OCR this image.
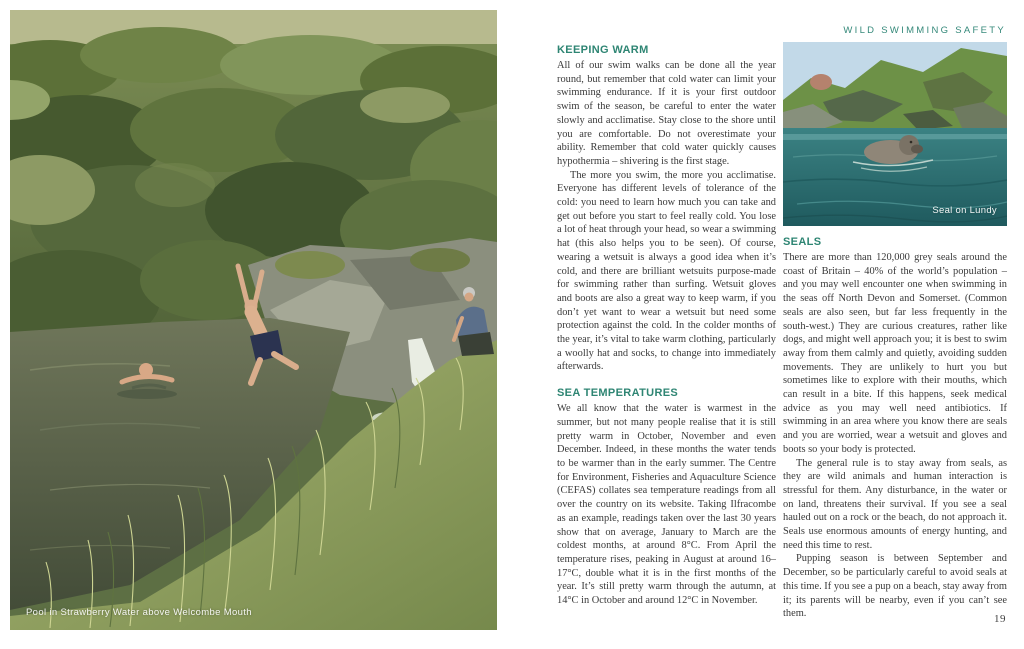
Pool in Strawberry Water above Welcombe Mouth
WILD SWIMMING SAFETY
KEEPING WARM

All of our swim walks can be done all the year round, but remember that cold water can limit your swimming endurance. If it is your first outdoor swim of the season, be careful to enter the water slowly and acclimatise. Stay close to the shore until you are comfortable. Do not overestimate your ability. Remember that cold water quickly causes hypothermia – shivering is the first stage.

The more you swim, the more you acclimatise. Everyone has different levels of tolerance of the cold: you need to learn how much you can take and get out before you start to feel really cold. You lose a lot of heat through your head, so wear a swimming hat (this also helps you to be seen). Of course, wearing a wetsuit is always a good idea when it’s cold, and there are brilliant wetsuits purpose-made for swimming rather than surfing. Wetsuit gloves and boots are also a great way to keep warm, if you don’t yet want to wear a wetsuit but need some protection against the cold. In the colder months of the year, it’s vital to take warm clothing, particularly a woolly hat and socks, to change into immediately afterwards.

SEA TEMPERATURES

We all know that the water is warmest in the summer, but not many people realise that it is still pretty warm in October, November and even December. Indeed, in these months the water tends to be warmer than in the early summer. The Centre for Environment, Fisheries and Aquaculture Science (CEFAS) collates sea temperature readings from all over the country on its website. Taking Ilfracombe as an example, readings taken over the last 30 years show that on average, January to March are the coldest months, at around 8°C. From April the temperature rises, peaking in August at around 16–17°C, double what it is in the first months of the year. It’s still pretty warm through the autumn, at 14°C in October and around 12°C in November.

Seal on Lundy
SEALS

There are more than 120,000 grey seals around the coast of Britain – 40% of the world’s population – and you may well encounter one when swimming in the seas off North Devon and Somerset. (Common seals are also seen, but far less frequently in the south-west.) They are curious creatures, rather like dogs, and might well approach you; it is best to swim away from them calmly and quietly, avoiding sudden movements. They are unlikely to hurt you but sometimes like to explore with their mouths, which can result in a bite. If this happens, seek medical advice as you may well need antibiotics. If swimming in an area where you know there are seals and you are worried, wear a wetsuit and gloves and boots so your body is protected.

The general rule is to stay away from seals, as they are wild animals and human interaction is stressful for them. Any disturbance, in the water or on land, threatens their survival. If you see a seal hauled out on a rock or the beach, do not approach it. Seals use enormous amounts of energy hunting, and need this time to rest.

Pupping season is between September and December, so be particularly careful to avoid seals at this time. If you see a pup on a beach, stay away from it; its parents will be nearby, even if you can’t see them.	19
